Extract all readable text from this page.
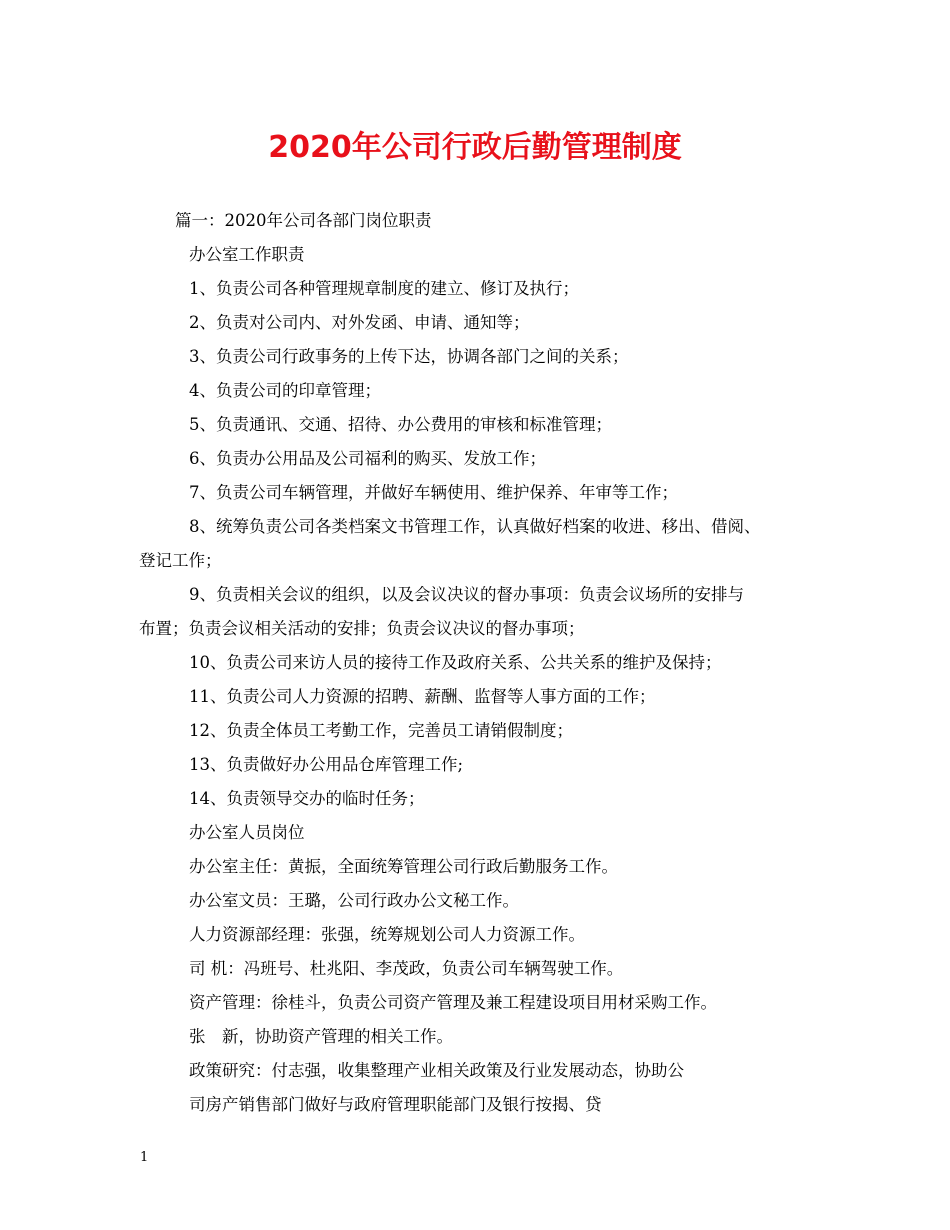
2020年公司行政后勤管理制度

篇一：2020年公司各部门岗位职责

办公室工作职责

1、负责公司各种管理规章制度的建立、修订及执行；

2、负责对公司内、对外发函、申请、通知等；

3、负责公司行政事务的上传下达，协调各部门之间的关系；

4、负责公司的印章管理；

5、负责通讯、交通、招待、办公费用的审核和标准管理；

6、负责办公用品及公司福利的购买、发放工作；

7、负责公司车辆管理，并做好车辆使用、维护保养、年审等工作；

8、统筹负责公司各类档案文书管理工作，认真做好档案的收进、移出、借阅、
登记工作；

9、负责相关会议的组织，以及会议决议的督办事项：负责会议场所的安排与
布置；负责会议相关活动的安排；负责会议决议的督办事项；

10、负责公司来访人员的接待工作及政府关系、公共关系的维护及保持；

11、负责公司人力资源的招聘、薪酬、监督等人事方面的工作；

12、负责全体员工考勤工作，完善员工请销假制度；

13、负责做好办公用品仓库管理工作;

14、负责领导交办的临时任务；

办公室人员岗位

办公室主任：黄振，全面统筹管理公司行政后勤服务工作。

办公室文员：王璐，公司行政办公文秘工作。

人力资源部经理：张强，统筹规划公司人力资源工作。

司 机：冯班号、杜兆阳、李茂政，负责公司车辆驾驶工作。

资产管理：徐桂斗，负责公司资产管理及兼工程建设项目用材采购工作。

张　新，协助资产管理的相关工作。

政策研究：付志强，收集整理产业相关政策及行业发展动态，协助公

司房产销售部门做好与政府管理职能部门及银行按揭、贷

1
